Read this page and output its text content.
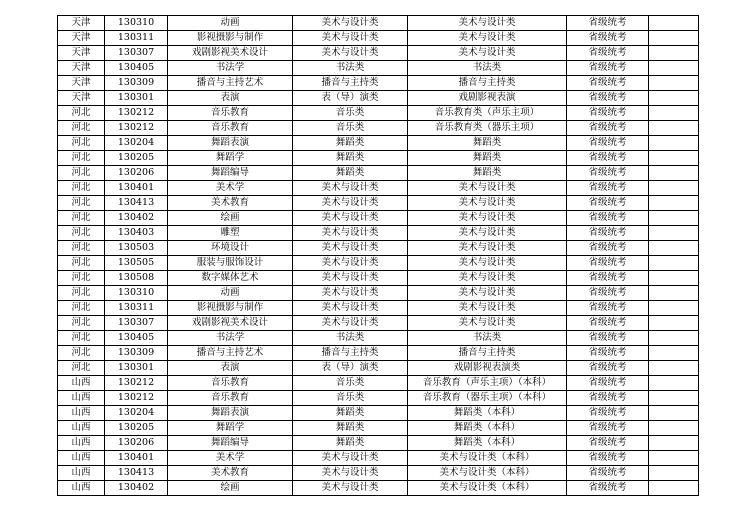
天津	130310	动画	美术与设计类	美术与设计类	省级统考	
天津	130311	影视摄影与制作	美术与设计类	美术与设计类	省级统考	
天津	130307	戏剧影视美术设计	美术与设计类	美术与设计类	省级统考	
天津	130405	书法学	书法类	书法类	省级统考	
天津	130309	播音与主持艺术	播音与主持类	播音与主持类	省级统考	
天津	130301	表演	表（导）演类	戏剧影视表演	省级统考	
河北	130212	音乐教育	音乐类	音乐教育类（声乐主项）	省级统考	
河北	130212	音乐教育	音乐类	音乐教育类（器乐主项）	省级统考	
河北	130204	舞蹈表演	舞蹈类	舞蹈类	省级统考	
河北	130205	舞蹈学	舞蹈类	舞蹈类	省级统考	
河北	130206	舞蹈编导	舞蹈类	舞蹈类	省级统考	
河北	130401	美术学	美术与设计类	美术与设计类	省级统考	
河北	130413	美术教育	美术与设计类	美术与设计类	省级统考	
河北	130402	绘画	美术与设计类	美术与设计类	省级统考	
河北	130403	雕塑	美术与设计类	美术与设计类	省级统考	
河北	130503	环境设计	美术与设计类	美术与设计类	省级统考	
河北	130505	服装与服饰设计	美术与设计类	美术与设计类	省级统考	
河北	130508	数字媒体艺术	美术与设计类	美术与设计类	省级统考	
河北	130310	动画	美术与设计类	美术与设计类	省级统考	
河北	130311	影视摄影与制作	美术与设计类	美术与设计类	省级统考	
河北	130307	戏剧影视美术设计	美术与设计类	美术与设计类	省级统考	
河北	130405	书法学	书法类	书法类	省级统考	
河北	130309	播音与主持艺术	播音与主持类	播音与主持类	省级统考	
河北	130301	表演	表（导）演类	戏剧影视表演类	省级统考	
山西	130212	音乐教育	音乐类	音乐教育（声乐主项）（本科）	省级统考	
山西	130212	音乐教育	音乐类	音乐教育（器乐主项）（本科）	省级统考	
山西	130204	舞蹈表演	舞蹈类	舞蹈类（本科）	省级统考	
山西	130205	舞蹈学	舞蹈类	舞蹈类（本科）	省级统考	
山西	130206	舞蹈编导	舞蹈类	舞蹈类（本科）	省级统考	
山西	130401	美术学	美术与设计类	美术与设计类（本科）	省级统考	
山西	130413	美术教育	美术与设计类	美术与设计类（本科）	省级统考	
山西	130402	绘画	美术与设计类	美术与设计类（本科）	省级统考	
